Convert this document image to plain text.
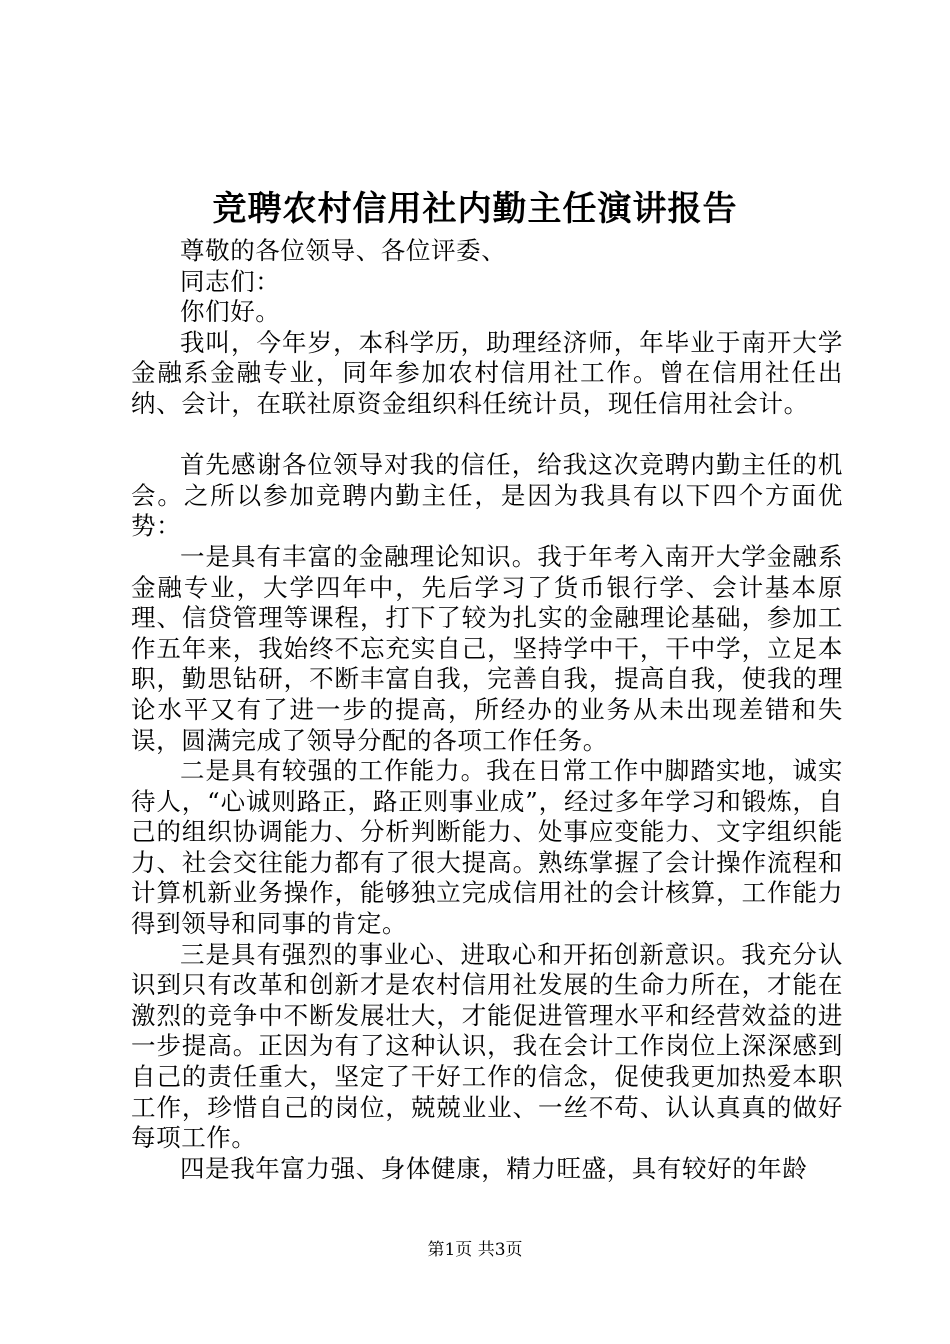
竞聘农村信用社内勤主任演讲报告

尊敬的各位领导、各位评委、

同志们：

你们好。

我叫，今年岁，本科学历，助理经济师，年毕业于南开大学金融系金融专业，同年参加农村信用社工作。曾在信用社任出纳、会计，在联社原资金组织科任统计员，现任信用社会计。

首先感谢各位领导对我的信任，给我这次竞聘内勤主任的机会。之所以参加竞聘内勤主任，是因为我具有以下四个方面优势：

一是具有丰富的金融理论知识。我于年考入南开大学金融系金融专业，大学四年中，先后学习了货币银行学、会计基本原理、信贷管理等课程，打下了较为扎实的金融理论基础，参加工作五年来，我始终不忘充实自己，坚持学中干，干中学，立足本职，勤思钻研，不断丰富自我，完善自我，提高自我，使我的理论水平又有了进一步的提高，所经办的业务从未出现差错和失误，圆满完成了领导分配的各项工作任务。

二是具有较强的工作能力。我在日常工作中脚踏实地，诚实待人，“心诚则路正，路正则事业成”，经过多年学习和锻炼，自己的组织协调能力、分析判断能力、处事应变能力、文字组织能力、社会交往能力都有了很大提高。熟练掌握了会计操作流程和计算机新业务操作，能够独立完成信用社的会计核算，工作能力得到领导和同事的肯定。

三是具有强烈的事业心、进取心和开拓创新意识。我充分认识到只有改革和创新才是农村信用社发展的生命力所在，才能在激烈的竞争中不断发展壮大，才能促进管理水平和经营效益的进一步提高。正因为有了这种认识，我在会计工作岗位上深深感到自己的责任重大，坚定了干好工作的信念，促使我更加热爱本职工作，珍惜自己的岗位，兢兢业业、一丝不苟、认认真真的做好每项工作。

四是我年富力强、身体健康，精力旺盛，具有较好的年龄

第1页 共3页
